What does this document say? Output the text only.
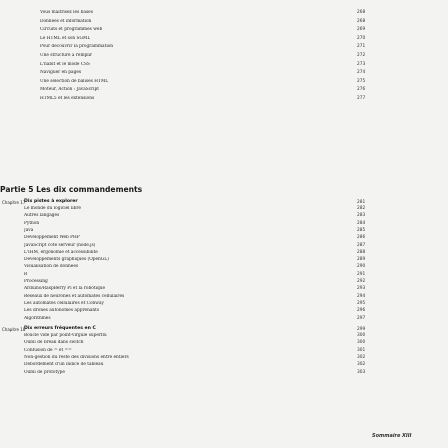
Vous maîtrisez les bases	268
Données et information	268
Circuits et programmes web	269
Le HTML et son SGML	270
Pour découvrir la programmation	271
Une structure à remplir	272
L'habit et le mode CSS	273
Naviguer en pages	274
Une sélection de balises HTML	275
Moteur, Action : JavaScript	276
HTML5 et les extensions	277
Partie 5 Les dix commandements
Chapitre 17
Dix pistes à explorer	281
Le monde du logiciel libre	282
Autres langages	283
Python	284
Java	285
Développement Web PHP	286
JavaScript côté serveur (node.js)	287
L'IHM, ergonomie et accessibilité	288
Développements graphiques (OpenGL)	289
Visualisation de données	290
R	291
Processing	292
Arduino/RaspBerry Pi et la robotique	293
Réseaux de neurones et automates cellulaires	294
Les automates cellulaires et Conway	295
Les drones autonomes apprenants	296
Algorithmes	297
Chapitre 18
Dix erreurs fréquentes en C	299
Boucle vide par point-virgule superflu	300
Oubli de break dans switch	300
Confusion de = et ==	301
Non-gestion du reste des divisions entre entiers	302
Débordement d'un indice de tableau	302
Oubli de prototype	303
Sommaire XIII
